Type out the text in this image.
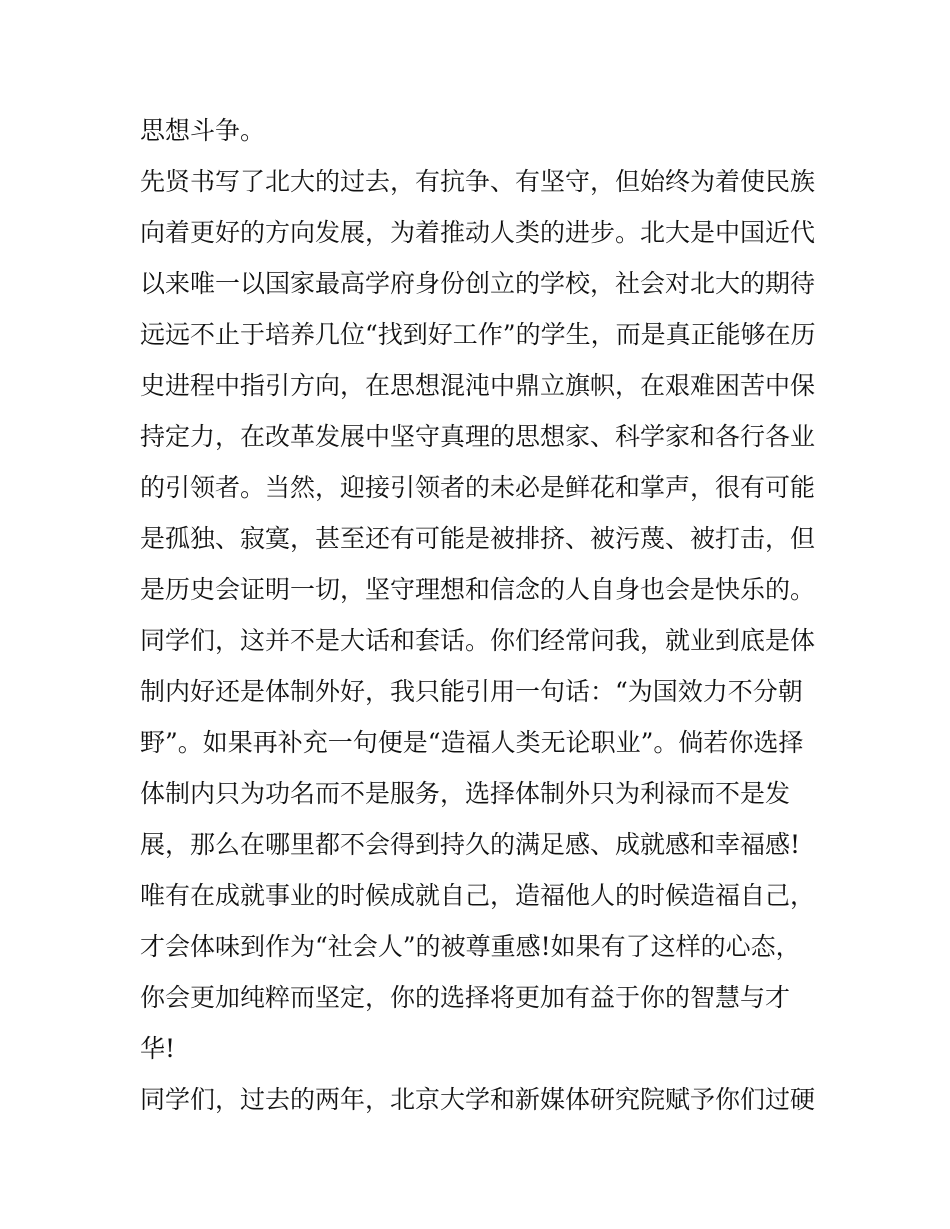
思想斗争。
先贤书写了北大的过去，有抗争、有坚守，但始终为着使民族
向着更好的方向发展，为着推动人类的进步。北大是中国近代
以来唯一以国家最高学府身份创立的学校，社会对北大的期待
远远不止于培养几位“找到好工作”的学生，而是真正能够在历
史进程中指引方向，在思想混沌中鼎立旗帜，在艰难困苦中保
持定力，在改革发展中坚守真理的思想家、科学家和各行各业
的引领者。当然，迎接引领者的未必是鲜花和掌声，很有可能
是孤独、寂寞，甚至还有可能是被排挤、被污蔑、被打击，但
是历史会证明一切，坚守理想和信念的人自身也会是快乐的。
同学们，这并不是大话和套话。你们经常问我，就业到底是体
制内好还是体制外好，我只能引用一句话：“为国效力不分朝
野”。如果再补充一句便是“造福人类无论职业”。倘若你选择
体制内只为功名而不是服务，选择体制外只为利禄而不是发
展，那么在哪里都不会得到持久的满足感、成就感和幸福感!
唯有在成就事业的时候成就自己，造福他人的时候造福自己，
才会体味到作为“社会人”的被尊重感!如果有了这样的心态，
你会更加纯粹而坚定，你的选择将更加有益于你的智慧与才
华!
同学们，过去的两年，北京大学和新媒体研究院赋予你们过硬
